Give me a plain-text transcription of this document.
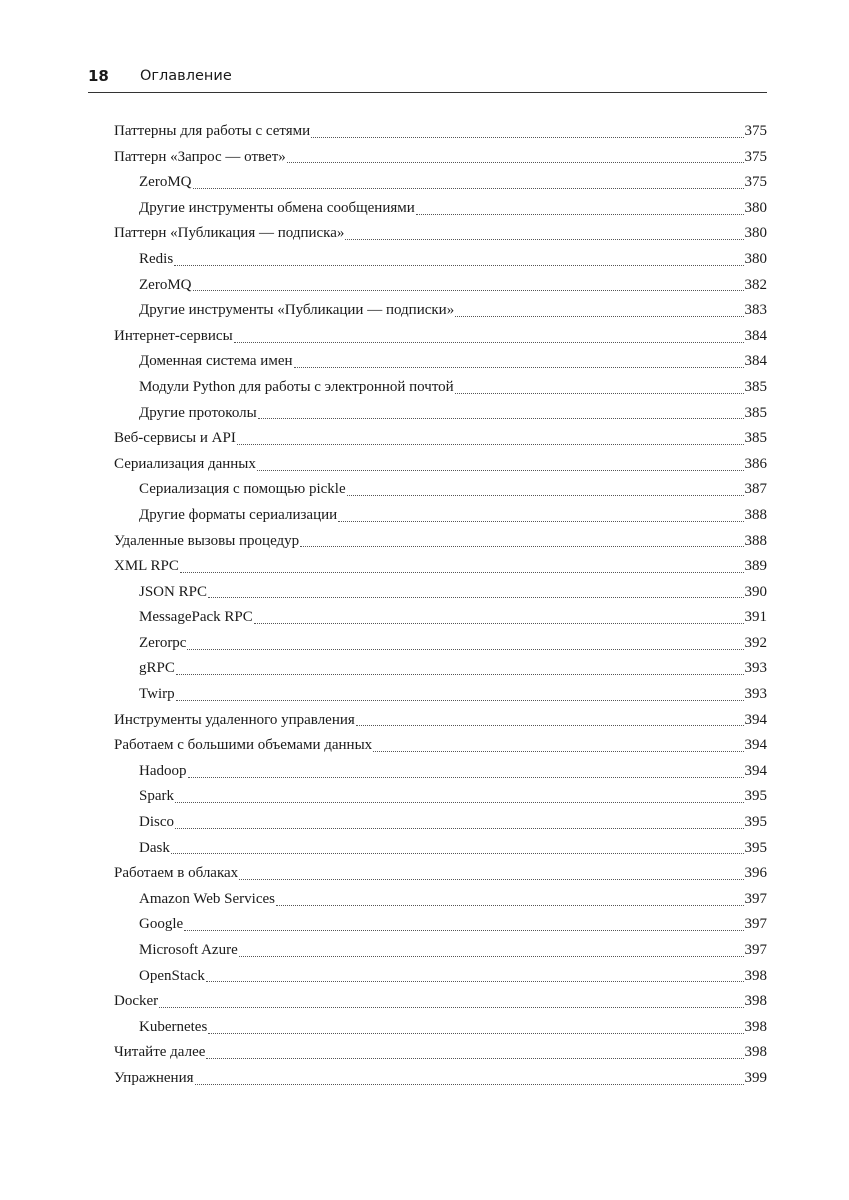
18	Оглавление
Паттерны для работы с сетями	375
Паттерн «Запрос — ответ»	375
ZeroMQ	375
Другие инструменты обмена сообщениями	380
Паттерн «Публикация — подписка»	380
Redis	380
ZeroMQ	382
Другие инструменты «Публикации — подписки»	383
Интернет-сервисы	384
Доменная система имен	384
Модули Python для работы с электронной почтой	385
Другие протоколы	385
Веб-сервисы и API	385
Сериализация данных	386
Сериализация с помощью pickle	387
Другие форматы сериализации	388
Удаленные вызовы процедур	388
XML RPC	389
JSON RPC	390
MessagePack RPC	391
Zerorpc	392
gRPC	393
Twirp	393
Инструменты удаленного управления	394
Работаем с большими объемами данных	394
Hadoop	394
Spark	395
Disco	395
Dask	395
Работаем в облаках	396
Amazon Web Services	397
Google	397
Microsoft Azure	397
OpenStack	398
Docker	398
Kubernetes	398
Читайте далее	398
Упражнения	399
